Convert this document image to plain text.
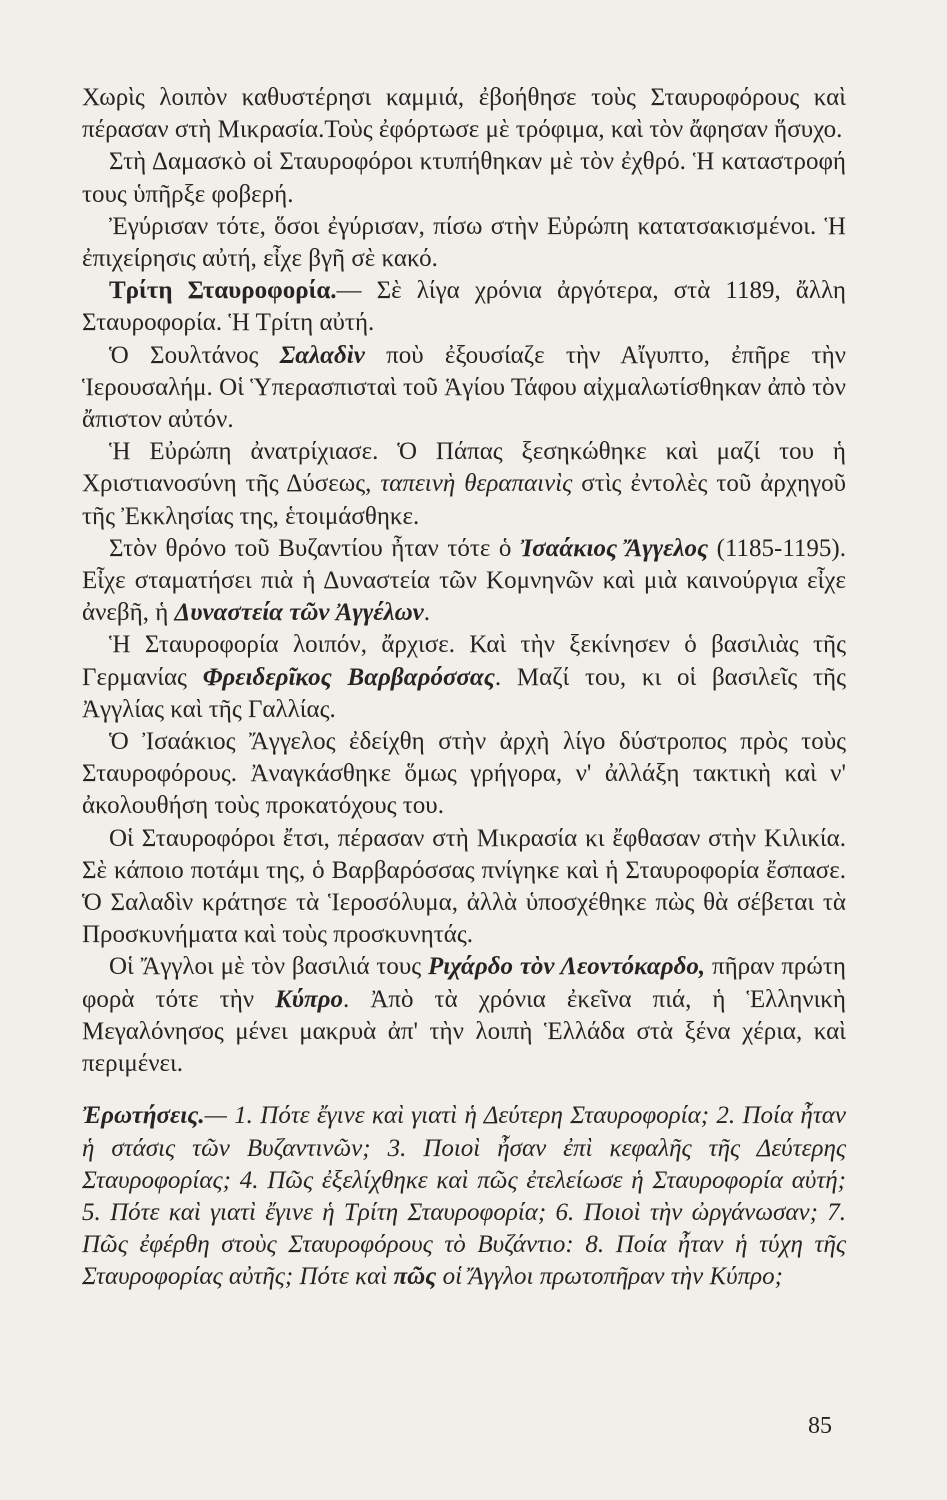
Χωρὶς λοιπὸν καθυστέρησι καμμιά, ἐβοήθησε τοὺς Σταυροφόρους καὶ πέρασαν στὴ Μικρασία.Τοὺς ἐφόρτωσε μὲ τρόφιμα, καὶ τὸν ἄφησαν ἥσυχο.

Στὴ Δαμασκὸ οἱ Σταυροφόροι κτυπήθηκαν μὲ τὸν ἐχθρό. Ἡ καταστροφή τους ὑπῆρξε φοβερή.

Ἐγύρισαν τότε, ὅσοι ἐγύρισαν, πίσω στὴν Εὐρώπη κατατσακισμένοι. Ἡ ἐπιχείρησις αὐτή, εἶχε βγῆ σὲ κακό.

Τρίτη Σταυροφορία.— Σὲ λίγα χρόνια ἀργότερα, στὰ 1189, ἄλλη Σταυροφορία. Ἡ Τρίτη αὐτή.

Ὁ Σουλτάνος Σαλαδὶν ποὺ ἐξουσίαζε τὴν Αἴγυπτο, ἐπῆρε τὴν Ἱερουσαλήμ. Οἱ Ὑπερασπισταὶ τοῦ Ἁγίου Τάφου αἰχμαλωτίσθηκαν ἀπὸ τὸν ἄπιστον αὐτόν.

Ἡ Εὐρώπη ἀνατρίχιασε. Ὁ Πάπας ξεσηκώθηκε καὶ μαζί του ἡ Χριστιανοσύνη τῆς Δύσεως, ταπεινὴ θεραπαινὶς στὶς ἐντολὲς τοῦ ἀρχηγοῦ τῆς Ἐκκλησίας της, ἑτοιμάσθηκε.

Στὸν θρόνο τοῦ Βυζαντίου ἦταν τότε ὁ Ἰσαάκιος Ἄγγελος (1185-1195). Εἶχε σταματήσει πιὰ ἡ Δυναστεία τῶν Κομνηνῶν καὶ μιὰ καινούργια εἶχε ἀνεβῆ, ἡ Δυναστεία τῶν Ἀγγέλων.

Ἡ Σταυροφορία λοιπόν, ἄρχισε. Καὶ τὴν ξεκίνησεν ὁ βασιλιὰς τῆς Γερμανίας Φρειδερῖκος Βαρβαρόσσας. Μαζί του, κι οἱ βασιλεῖς τῆς Ἀγγλίας καὶ τῆς Γαλλίας.

Ὁ Ἰσαάκιος Ἄγγελος ἐδείχθη στὴν ἀρχὴ λίγο δύστροπος πρὸς τοὺς Σταυροφόρους. Ἀναγκάσθηκε ὅμως γρήγορα, ν' ἀλλάξη τακτικὴ καὶ ν' ἀκολουθήση τοὺς προκατόχους του.

Οἱ Σταυροφόροι ἔτσι, πέρασαν στὴ Μικρασία κι ἔφθασαν στὴν Κιλικία. Σὲ κάποιο ποτάμι της, ὁ Βαρβαρόσσας πνίγηκε καὶ ἡ Σταυροφορία ἔσπασε. Ὁ Σαλαδὶν κράτησε τὰ Ἱεροσόλυμα, ἀλλὰ ὑποσχέθηκε πὼς θὰ σέβεται τὰ Προσκυνήματα καὶ τοὺς προσκυνητάς.

Οἱ Ἄγγλοι μὲ τὸν βασιλιά τους Ριχάρδο τὸν Λεοντόκαρδο, πῆραν πρώτη φορὰ τότε τὴν Κύπρο. Ἀπὸ τὰ χρόνια ἐκεῖνα πιά, ἡ Ἑλληνικὴ Μεγαλόνησος μένει μακρυὰ ἀπ' τὴν λοιπὴ Ἑλλάδα στὰ ξένα χέρια, καὶ περιμένει.

Ἐρωτήσεις.— 1. Πότε ἔγινε καὶ γιατὶ ἡ Δεύτερη Σταυροφορία; 2. Ποία ἦταν ἡ στάσις τῶν Βυζαντινῶν; 3. Ποιοὶ ἦσαν ἐπὶ κεφαλῆς τῆς Δεύτερης Σταυροφορίας; 4. Πῶς ἐξελίχθηκε καὶ πῶς ἐτελείωσε ἡ Σταυροφορία αὐτή; 5. Πότε καὶ γιατὶ ἔγινε ἡ Τρίτη Σταυροφορία; 6. Ποιοὶ τὴν ὠργάνωσαν; 7. Πῶς ἐφέρθη στοὺς Σταυροφόρους τὸ Βυζάντιο: 8. Ποία ἦταν ἡ τύχη τῆς Σταυροφορίας αὐτῆς; Πότε καὶ πῶς οἱ Ἄγγλοι πρωτοπῆραν τὴν Κύπρο;

85
